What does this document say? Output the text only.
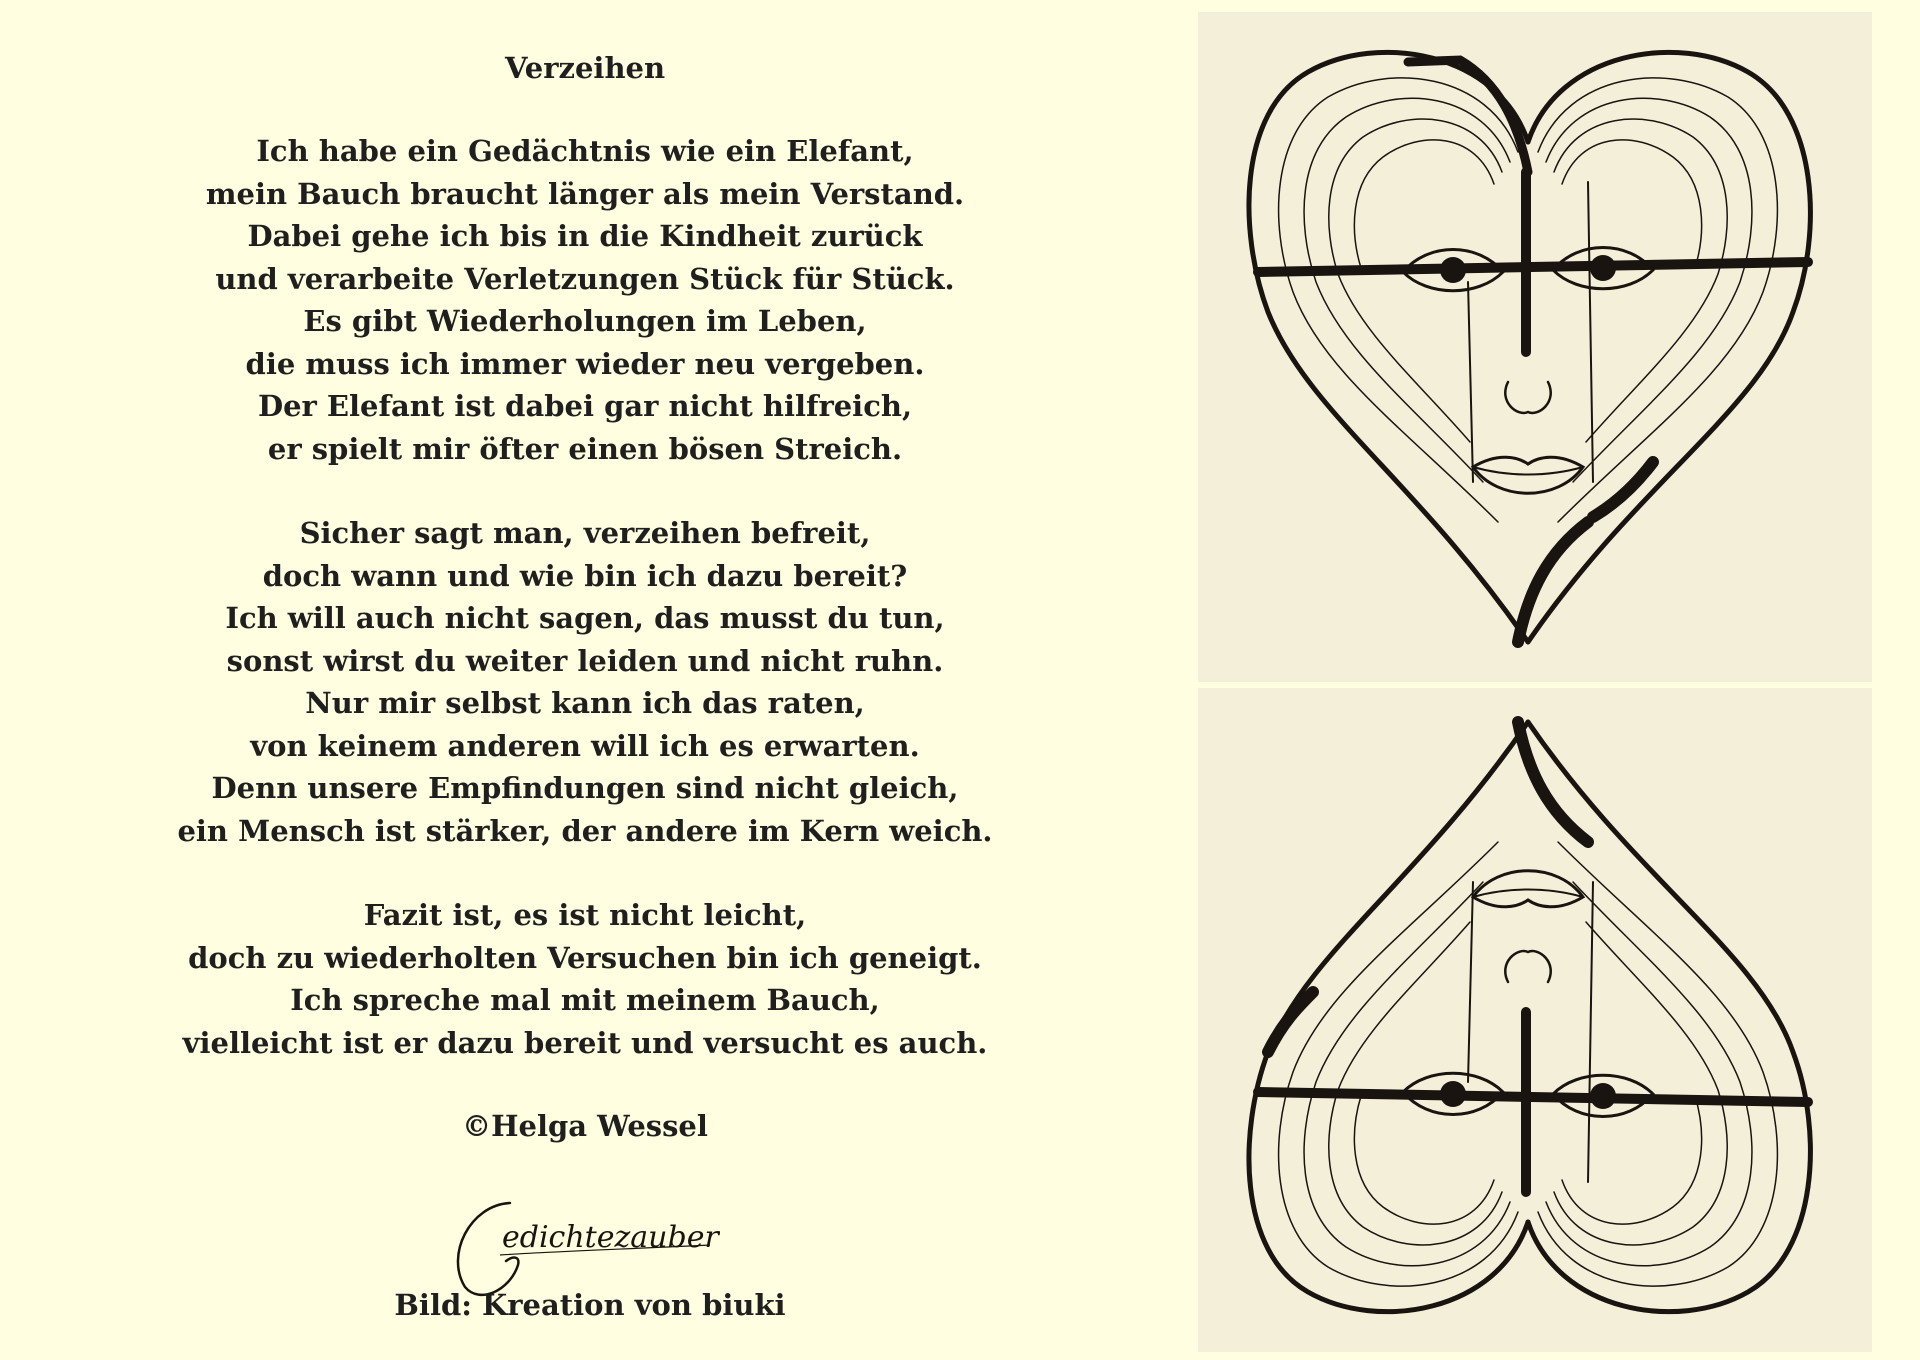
Verzeihen
Ich habe ein Gedächtnis wie ein Elefant,
mein Bauch braucht länger als mein Verstand.
Dabei gehe ich bis in die Kindheit zurück
und verarbeite Verletzungen Stück für Stück.
Es gibt Wiederholungen im Leben,
die muss ich immer wieder neu vergeben.
Der Elefant ist dabei gar nicht hilfreich,
er spielt mir öfter einen bösen Streich.
Sicher sagt man, verzeihen befreit,
doch wann und wie bin ich dazu bereit?
Ich will auch nicht sagen, das musst du tun,
sonst wirst du weiter leiden und nicht ruhn.
Nur mir selbst kann ich das raten,
von keinem anderen will ich es erwarten.
Denn unsere Empfindungen sind nicht gleich,
ein Mensch ist stärker, der andere im Kern weich.
Fazit ist, es ist nicht leicht,
doch zu wiederholten Versuchen bin ich geneigt.
Ich spreche mal mit meinem Bauch,
vielleicht ist er dazu bereit und versucht es auch.
©Helga Wessel
edichtezauber
Bild: Kreation von biuki
